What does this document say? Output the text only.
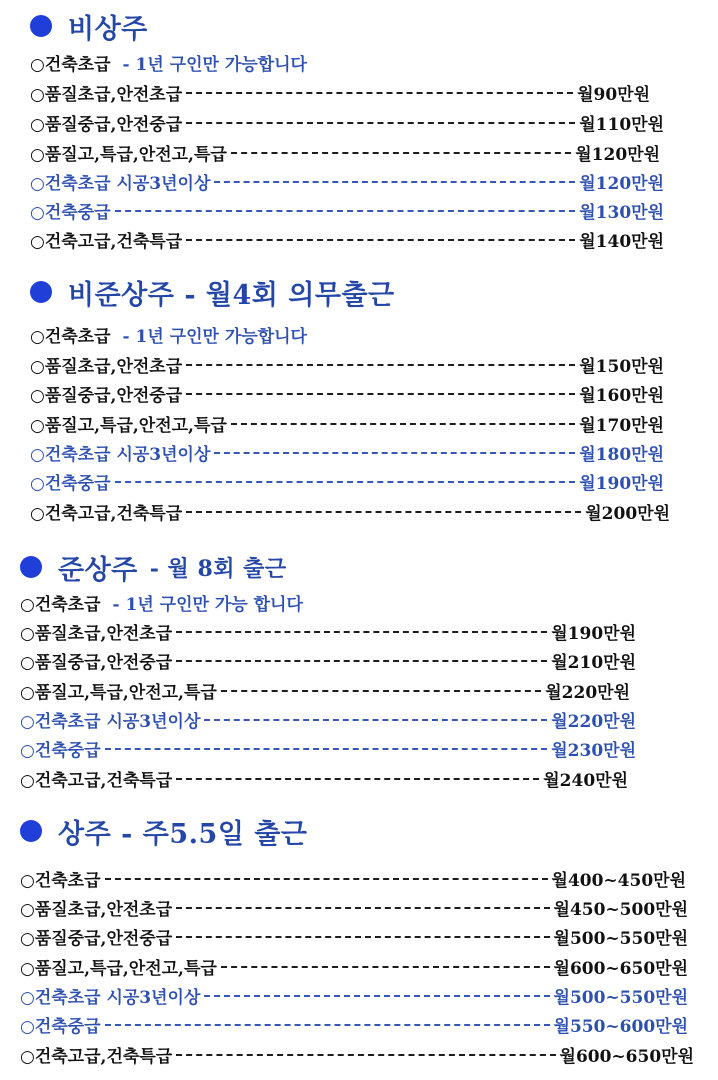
비상주
○건축초급 - 1년 구인만 가능합니다
○품질초급,안전초급	월90만원
○품질중급,안전중급	월110만원
○품질고,특급,안전고,특급	월120만원
○건축초급 시공3년이상	월120만원
○건축중급	월130만원
○건축고급,건축특급	월140만원
비준상주 - 월4회 의무출근
○건축초급 - 1년 구인만 가능합니다
○품질초급,안전초급	월150만원
○품질중급,안전중급	월160만원
○품질고,특급,안전고,특급	월170만원
○건축초급 시공3년이상	월180만원
○건축중급	월190만원
○건축고급,건축특급	월200만원
준상주 - 월 8회 출근
○건축초급 - 1년 구인만 가능 합니다
○품질초급,안전초급	월190만원
○품질중급,안전중급	월210만원
○품질고,특급,안전고,특급	월220만원
○건축초급 시공3년이상	월220만원
○건축중급	월230만원
○건축고급,건축특급	월240만원
상주 - 주5.5일 출근
○건축초급	월400~450만원
○품질초급,안전초급	월450~500만원
○품질중급,안전중급	월500~550만원
○품질고,특급,안전고,특급	월600~650만원
○건축초급 시공3년이상	월500~550만원
○건축중급	월550~600만원
○건축고급,건축특급	월600~650만원
